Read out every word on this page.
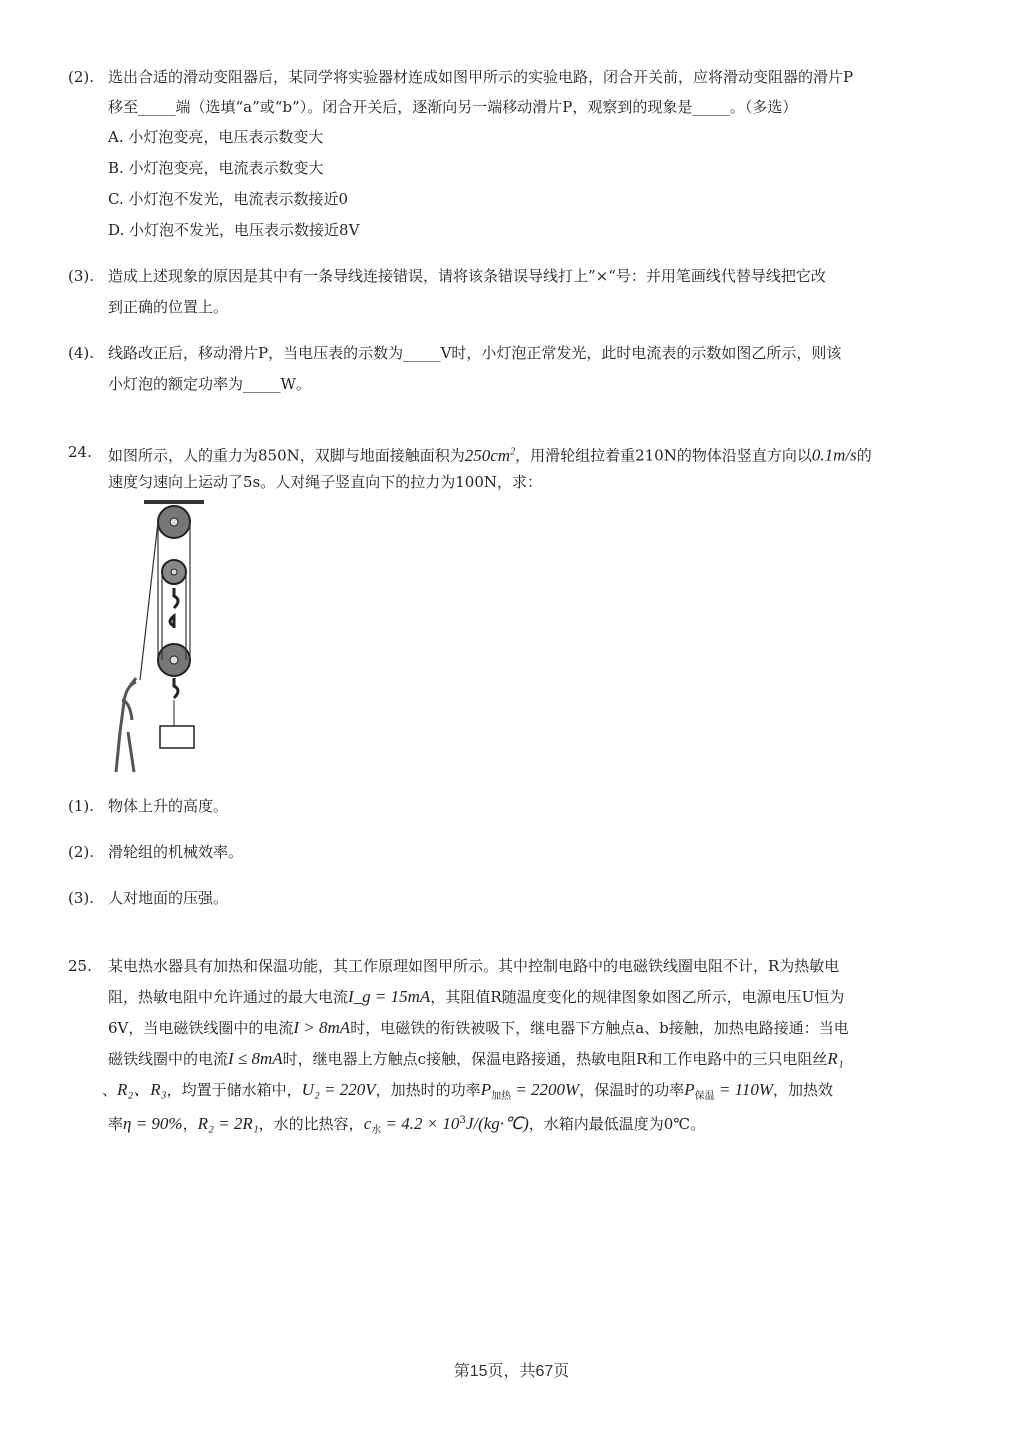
(2). 选出合适的滑动变阻器后，某同学将实验器材连成如图甲所示的实验电路，闭合开关前，应将滑动变阻器的滑片P
移至_____端（选填“a”或“b”）。闭合开关后，逐渐向另一端移动滑片P，观察到的现象是_____。（多选）
A. 小灯泡变亮，电压表示数变大
B. 小灯泡变亮，电流表示数变大
C. 小灯泡不发光，电流表示数接近0
D. 小灯泡不发光，电压表示数接近8V
(3). 造成上述现象的原因是其中有一条导线连接错误，请将该条错误导线打上”×“号：并用笔画线代替导线把它改
到正确的位置上。
(4). 线路改正后，移动滑片P，当电压表的示数为_____V时，小灯泡正常发光，此时电流表的示数如图乙所示，则该
小灯泡的额定功率为_____W。
24. 如图所示，人的重力为850N，双脚与地面接触面积为$250cm^2$，用滑轮组拉着重210N的物体沿竖直方向以0.1m/s的
速度匀速向上运动了5s。人对绳子竖直向下的拉力为100N，求：
(1). 物体上升的高度。
(2). 滑轮组的机械效率。
(3). 人对地面的压强。
25. 某电热水器具有加热和保温功能，其工作原理如图甲所示。其中控制电路中的电磁铁线圈电阻不计，R为热敏电
阻，热敏电阻中允许通过的最大电流I_g = 15mA，其阻值R随温度变化的规律图象如图乙所示，电源电压U恒为
6V，当电磁铁线圈中的电流I > 8mA时，电磁铁的衔铁被吸下，继电器下方触点a、b接触，加热电路接通：当电
磁铁线圈中的电流I ≤ 8mA时，继电器上方触点c接触，保温电路接通，热敏电阻R和工作电路中的三只电阻丝R₁
、R₂、R₃，均置于储水箱中，U₂ = 220V，加热时的功率$P_{加热} = 2200W$，保温时的功率$P_{保温} = 110W$，加热效
率η = 90%，R₂ = 2R₁，水的比热容，$c_水 = 4.2$ × $10^3J/(kg\cdot℃)$，水箱内最低温度为0℃。
第15页，共67页
